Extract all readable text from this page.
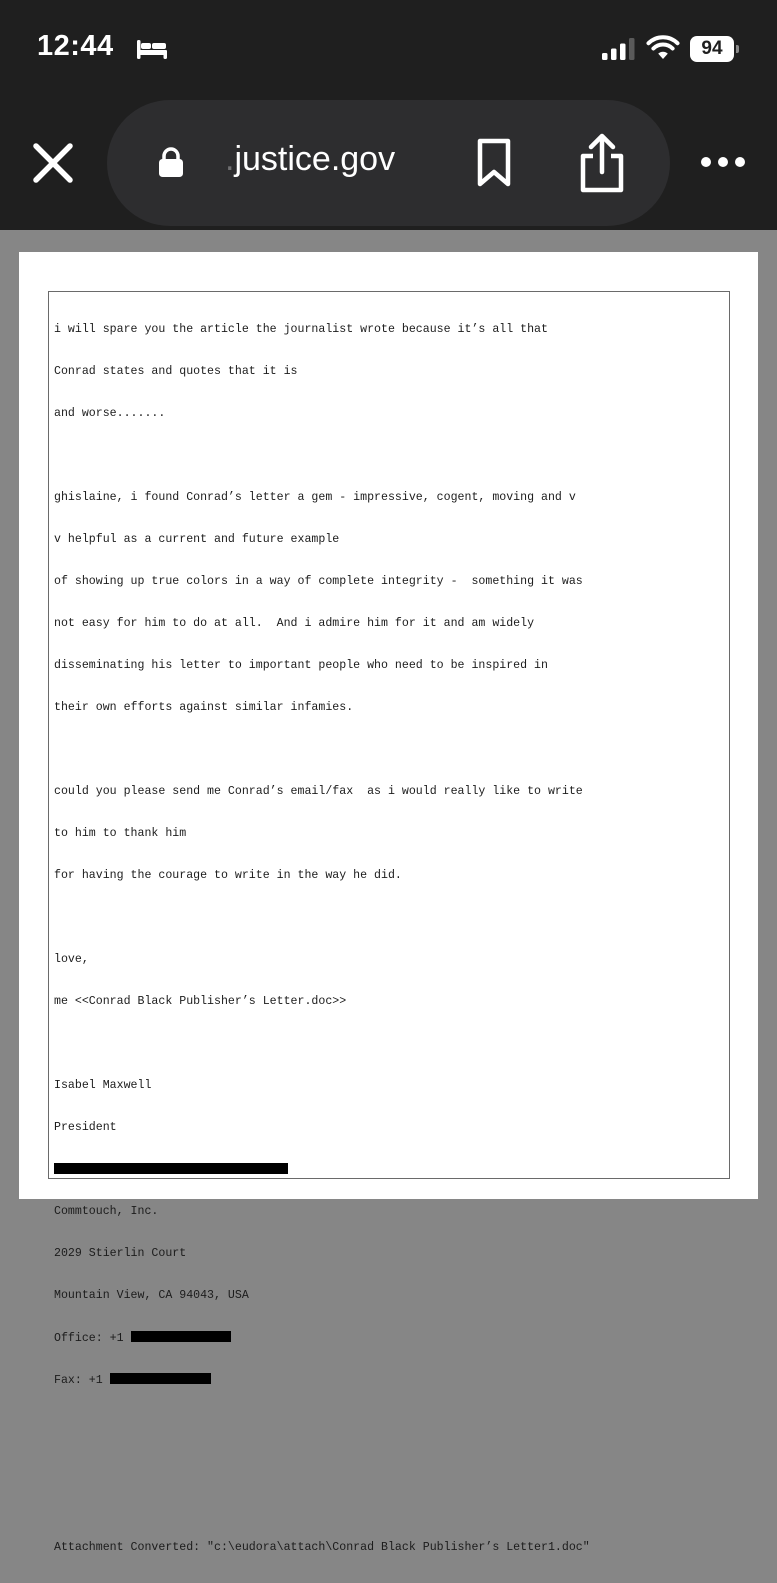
12:44	94
.justice.gov

i will spare you the article the journalist wrote because it’s all that

Conrad states and quotes that it is

and worse.......

ghislaine, i found Conrad’s letter a gem - impressive, cogent, moving and v

v helpful as a current and future example

of showing up true colors in a way of complete integrity -  something it was

not easy for him to do at all.  And i admire him for it and am widely

disseminating his letter to important people who need to be inspired in

their own efforts against similar infamies.

could you please send me Conrad’s email/fax  as i would really like to write

to him to thank him

for having the courage to write in the way he did.

love,

me <<Conrad Black Publisher’s Letter.doc>>

Isabel Maxwell

President

Commtouch, Inc.

2029 Stierlin Court

Mountain View, CA 94043, USA

Office: +1

Fax: +1

Attachment Converted: "c:\eudora\attach\Conrad Black Publisher’s Letter1.doc"
